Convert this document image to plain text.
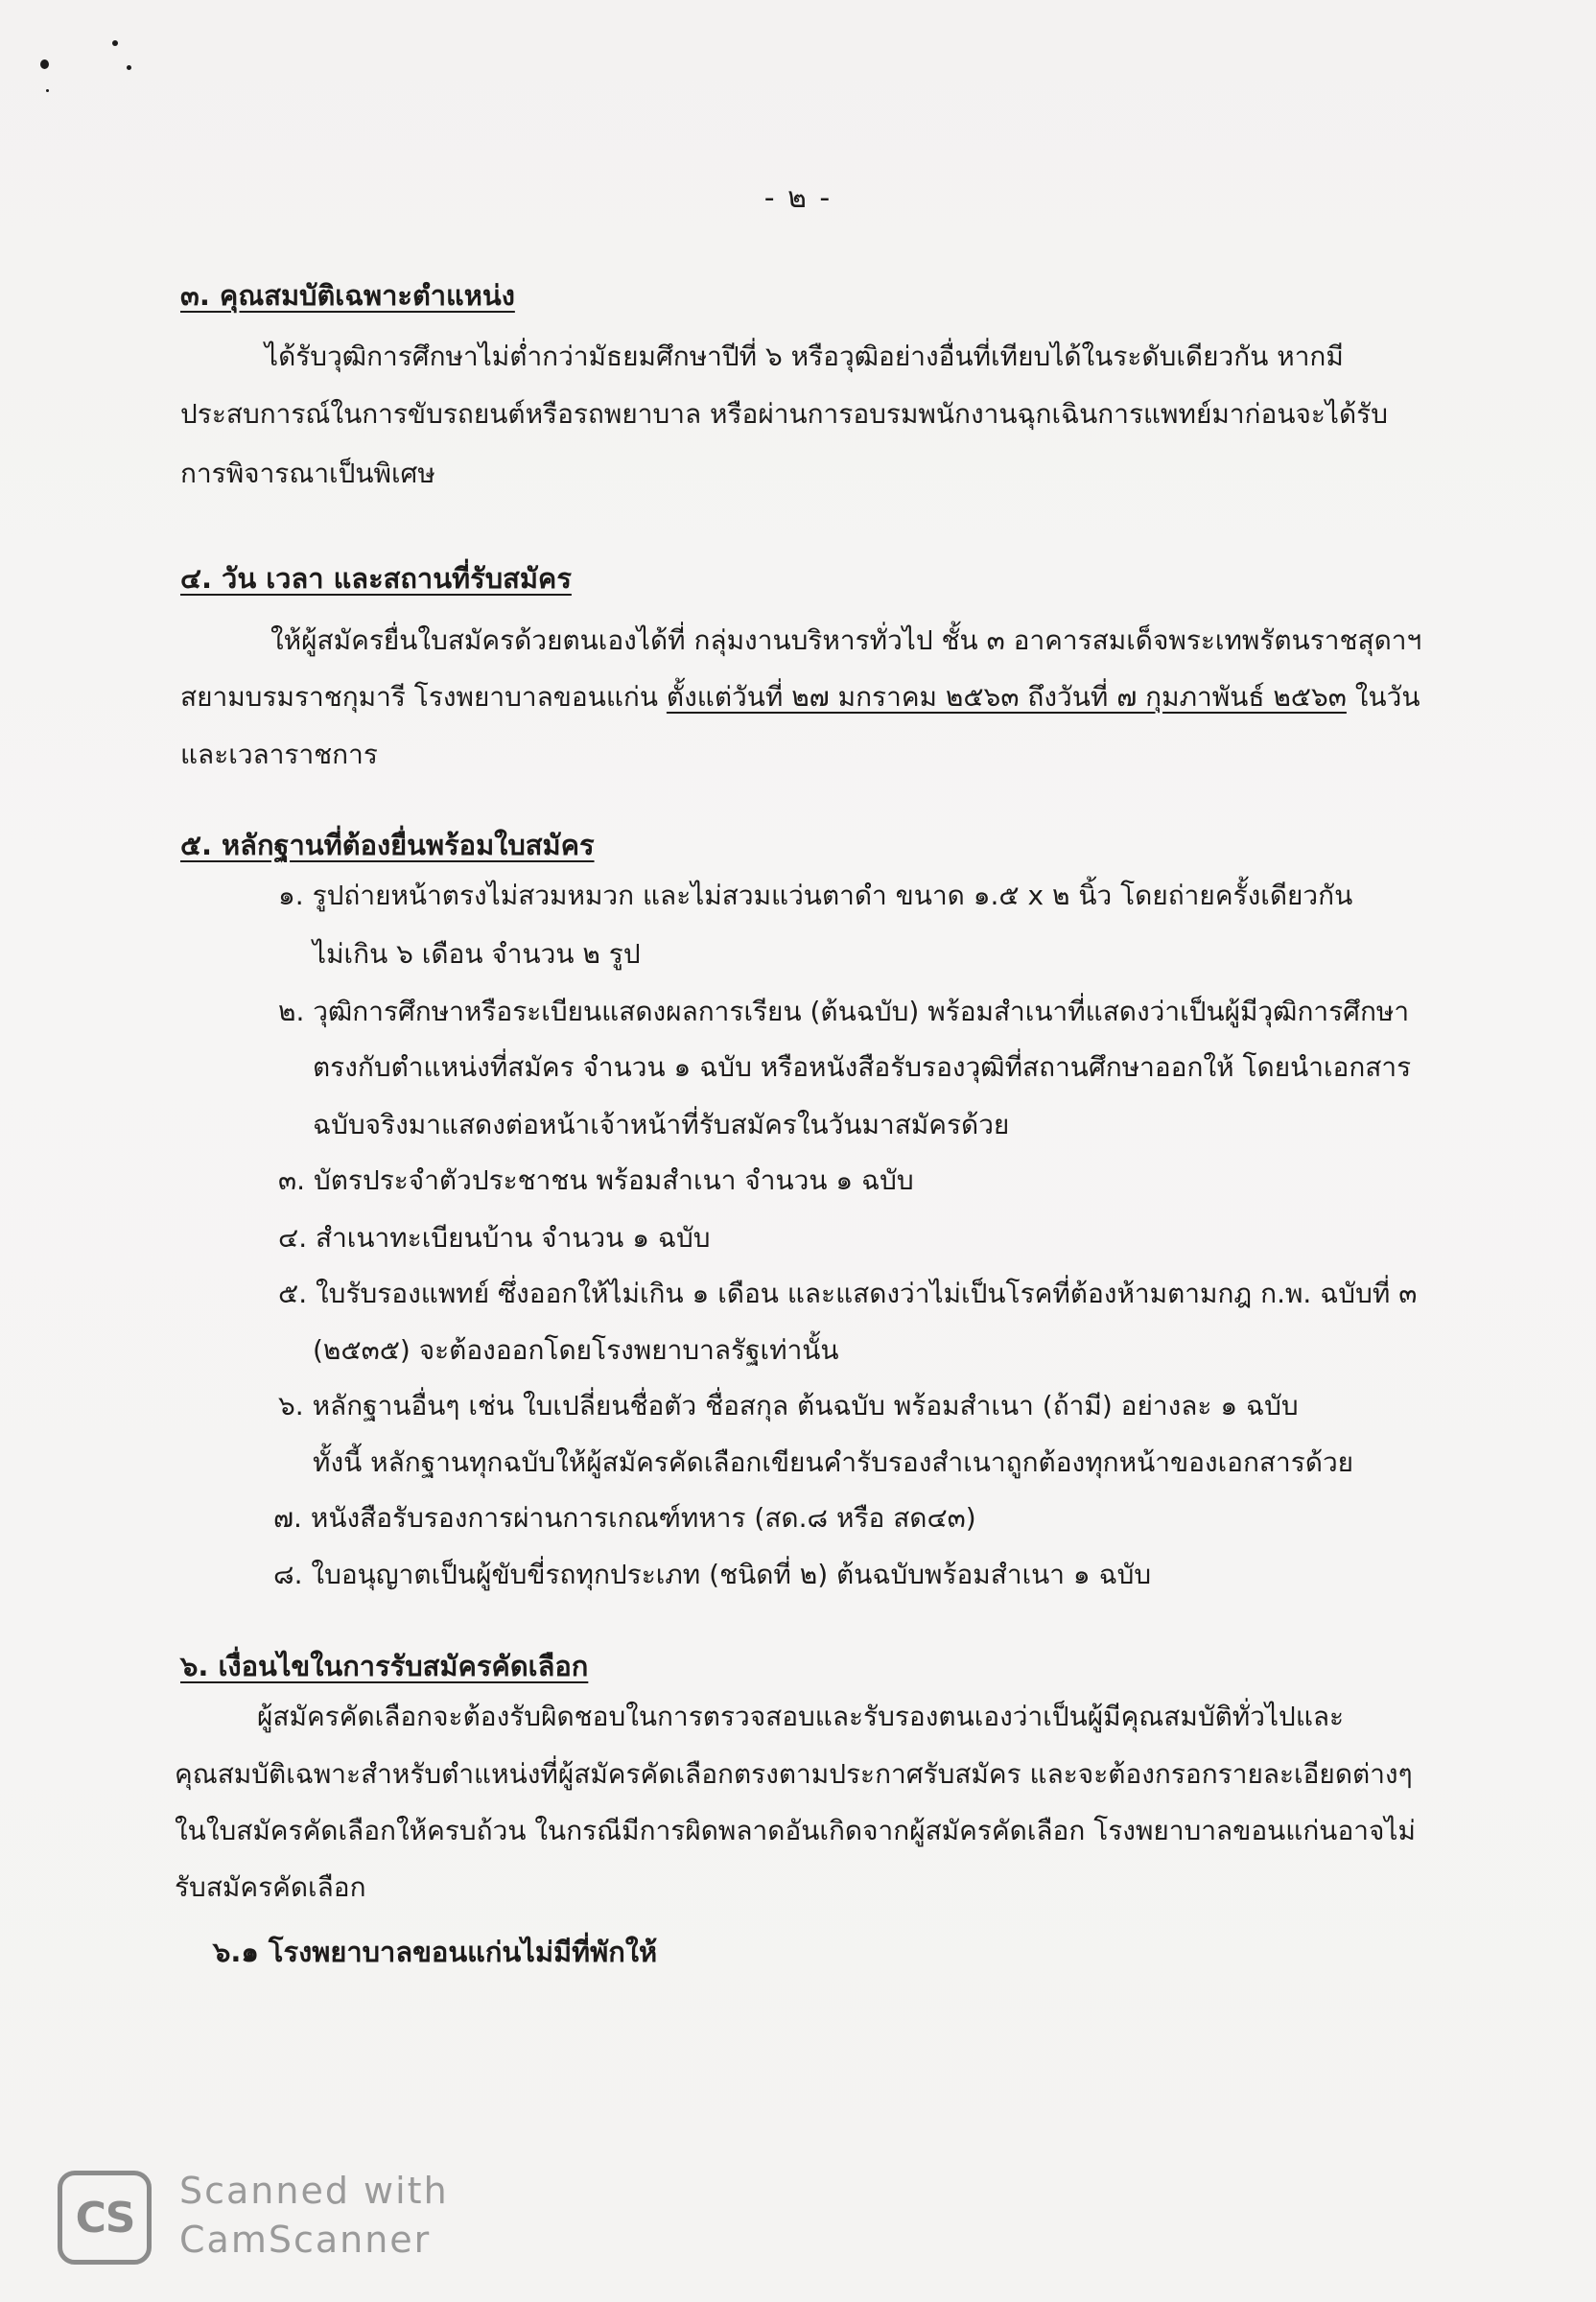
- ๒ -
๓. คุณสมบัติเฉพาะตำแหน่ง
ได้รับวุฒิการศึกษาไม่ต่ำกว่ามัธยมศึกษาปีที่ ๖ หรือวุฒิอย่างอื่นที่เทียบได้ในระดับเดียวกัน หากมี
ประสบการณ์ในการขับรถยนต์หรือรถพยาบาล หรือผ่านการอบรมพนักงานฉุกเฉินการแพทย์มาก่อนจะได้รับ
การพิจารณาเป็นพิเศษ
๔. วัน เวลา และสถานที่รับสมัคร
ให้ผู้สมัครยื่นใบสมัครด้วยตนเองได้ที่ กลุ่มงานบริหารทั่วไป ชั้น ๓ อาคารสมเด็จพระเทพรัตนราชสุดาฯ
สยามบรมราชกุมารี โรงพยาบาลขอนแก่น ตั้งแต่วันที่ ๒๗ มกราคม ๒๕๖๓ ถึงวันที่ ๗ กุมภาพันธ์ ๒๕๖๓ ในวัน
และเวลาราชการ
๕. หลักฐานที่ต้องยื่นพร้อมใบสมัคร
๑. รูปถ่ายหน้าตรงไม่สวมหมวก และไม่สวมแว่นตาดำ ขนาด ๑.๕ x ๒ นิ้ว โดยถ่ายครั้งเดียวกัน
ไม่เกิน ๖ เดือน จำนวน ๒ รูป
๒. วุฒิการศึกษาหรือระเบียนแสดงผลการเรียน (ต้นฉบับ) พร้อมสำเนาที่แสดงว่าเป็นผู้มีวุฒิการศึกษา
ตรงกับตำแหน่งที่สมัคร จำนวน ๑ ฉบับ หรือหนังสือรับรองวุฒิที่สถานศึกษาออกให้ โดยนำเอกสาร
ฉบับจริงมาแสดงต่อหน้าเจ้าหน้าที่รับสมัครในวันมาสมัครด้วย
๓. บัตรประจำตัวประชาชน พร้อมสำเนา จำนวน ๑ ฉบับ
๔. สำเนาทะเบียนบ้าน จำนวน ๑ ฉบับ
๕. ใบรับรองแพทย์ ซึ่งออกให้ไม่เกิน ๑ เดือน และแสดงว่าไม่เป็นโรคที่ต้องห้ามตามกฎ ก.พ. ฉบับที่ ๓
(๒๕๓๕) จะต้องออกโดยโรงพยาบาลรัฐเท่านั้น
๖. หลักฐานอื่นๆ เช่น ใบเปลี่ยนชื่อตัว ชื่อสกุล ต้นฉบับ พร้อมสำเนา (ถ้ามี) อย่างละ ๑ ฉบับ
ทั้งนี้ หลักฐานทุกฉบับให้ผู้สมัครคัดเลือกเขียนคำรับรองสำเนาถูกต้องทุกหน้าของเอกสารด้วย
๗. หนังสือรับรองการผ่านการเกณฑ์ทหาร (สด.๘ หรือ สด๔๓)
๘. ใบอนุญาตเป็นผู้ขับขี่รถทุกประเภท (ชนิดที่ ๒) ต้นฉบับพร้อมสำเนา ๑ ฉบับ
๖. เงื่อนไขในการรับสมัครคัดเลือก
ผู้สมัครคัดเลือกจะต้องรับผิดชอบในการตรวจสอบและรับรองตนเองว่าเป็นผู้มีคุณสมบัติทั่วไปและ
คุณสมบัติเฉพาะสำหรับตำแหน่งที่ผู้สมัครคัดเลือกตรงตามประกาศรับสมัคร และจะต้องกรอกรายละเอียดต่างๆ
ในใบสมัครคัดเลือกให้ครบถ้วน ในกรณีมีการผิดพลาดอันเกิดจากผู้สมัครคัดเลือก โรงพยาบาลขอนแก่นอาจไม่
รับสมัครคัดเลือก
๖.๑ โรงพยาบาลขอนแก่นไม่มีที่พักให้
CS
Scanned with
CamScanner
